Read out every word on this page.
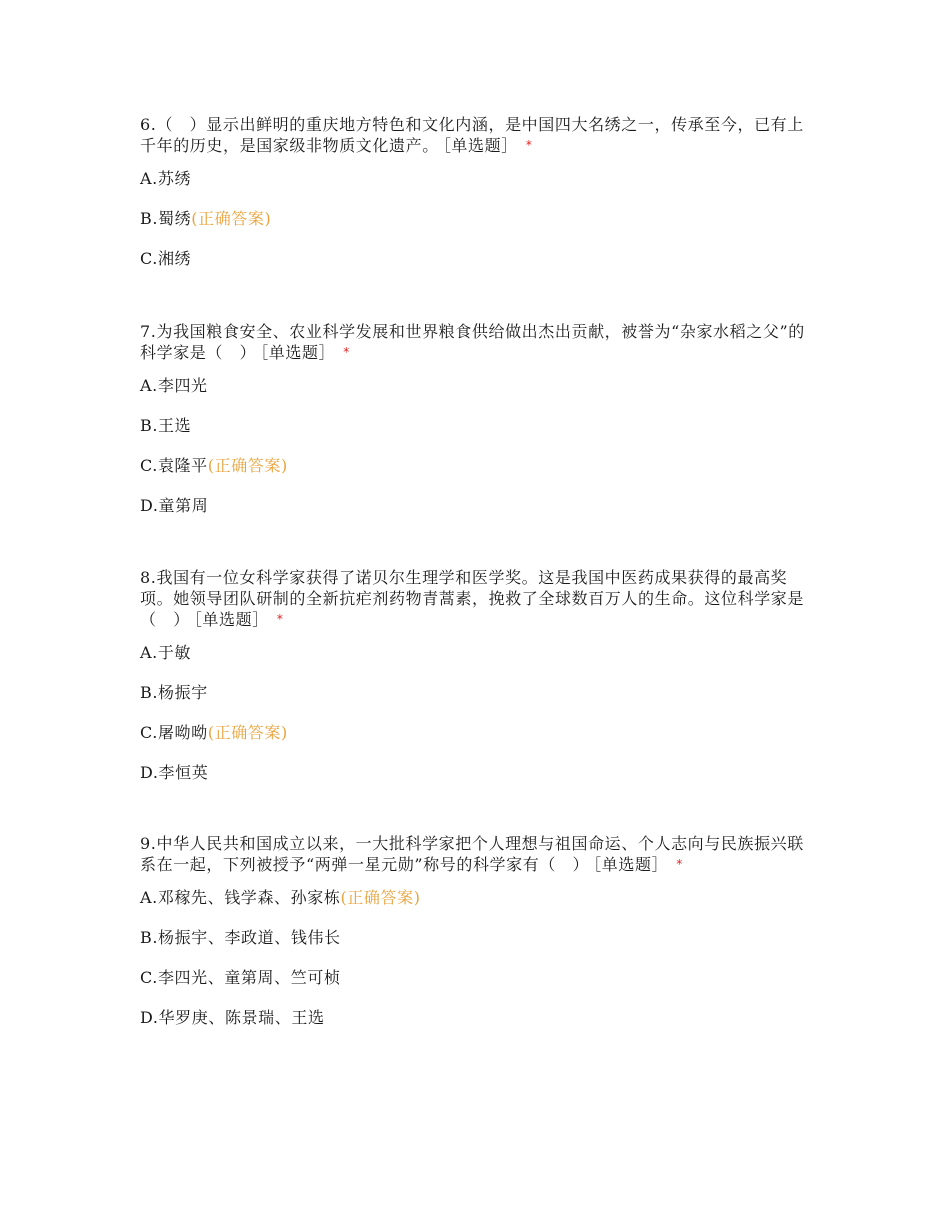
6.（　）显示出鲜明的重庆地方特色和文化内涵，是中国四大名绣之一，传承至今，已有上千年的历史，是国家级非物质文化遗产。 ［单选题］ *

A.苏绣

B.蜀绣(正确答案)

C.湘绣

7.为我国粮食安全、农业科学发展和世界粮食供给做出杰出贡献，被誉为“杂家水稻之父”的科学家是（　） ［单选题］ *

A.李四光

B.王选

C.袁隆平(正确答案)

D.童第周

8.我国有一位女科学家获得了诺贝尔生理学和医学奖。这是我国中医药成果获得的最高奖项。她领导团队研制的全新抗疟剂药物青蒿素，挽救了全球数百万人的生命。这位科学家是（　） ［单选题］ *

A.于敏

B.杨振宇

C.屠呦呦(正确答案)

D.李恒英

9.中华人民共和国成立以来，一大批科学家把个人理想与祖国命运、个人志向与民族振兴联系在一起，下列被授予“两弹一星元勋”称号的科学家有（　） ［单选题］ *

A.邓稼先、钱学森、孙家栋(正确答案)

B.杨振宇、李政道、钱伟长

C.李四光、童第周、竺可桢

D.华罗庚、陈景瑞、王选
